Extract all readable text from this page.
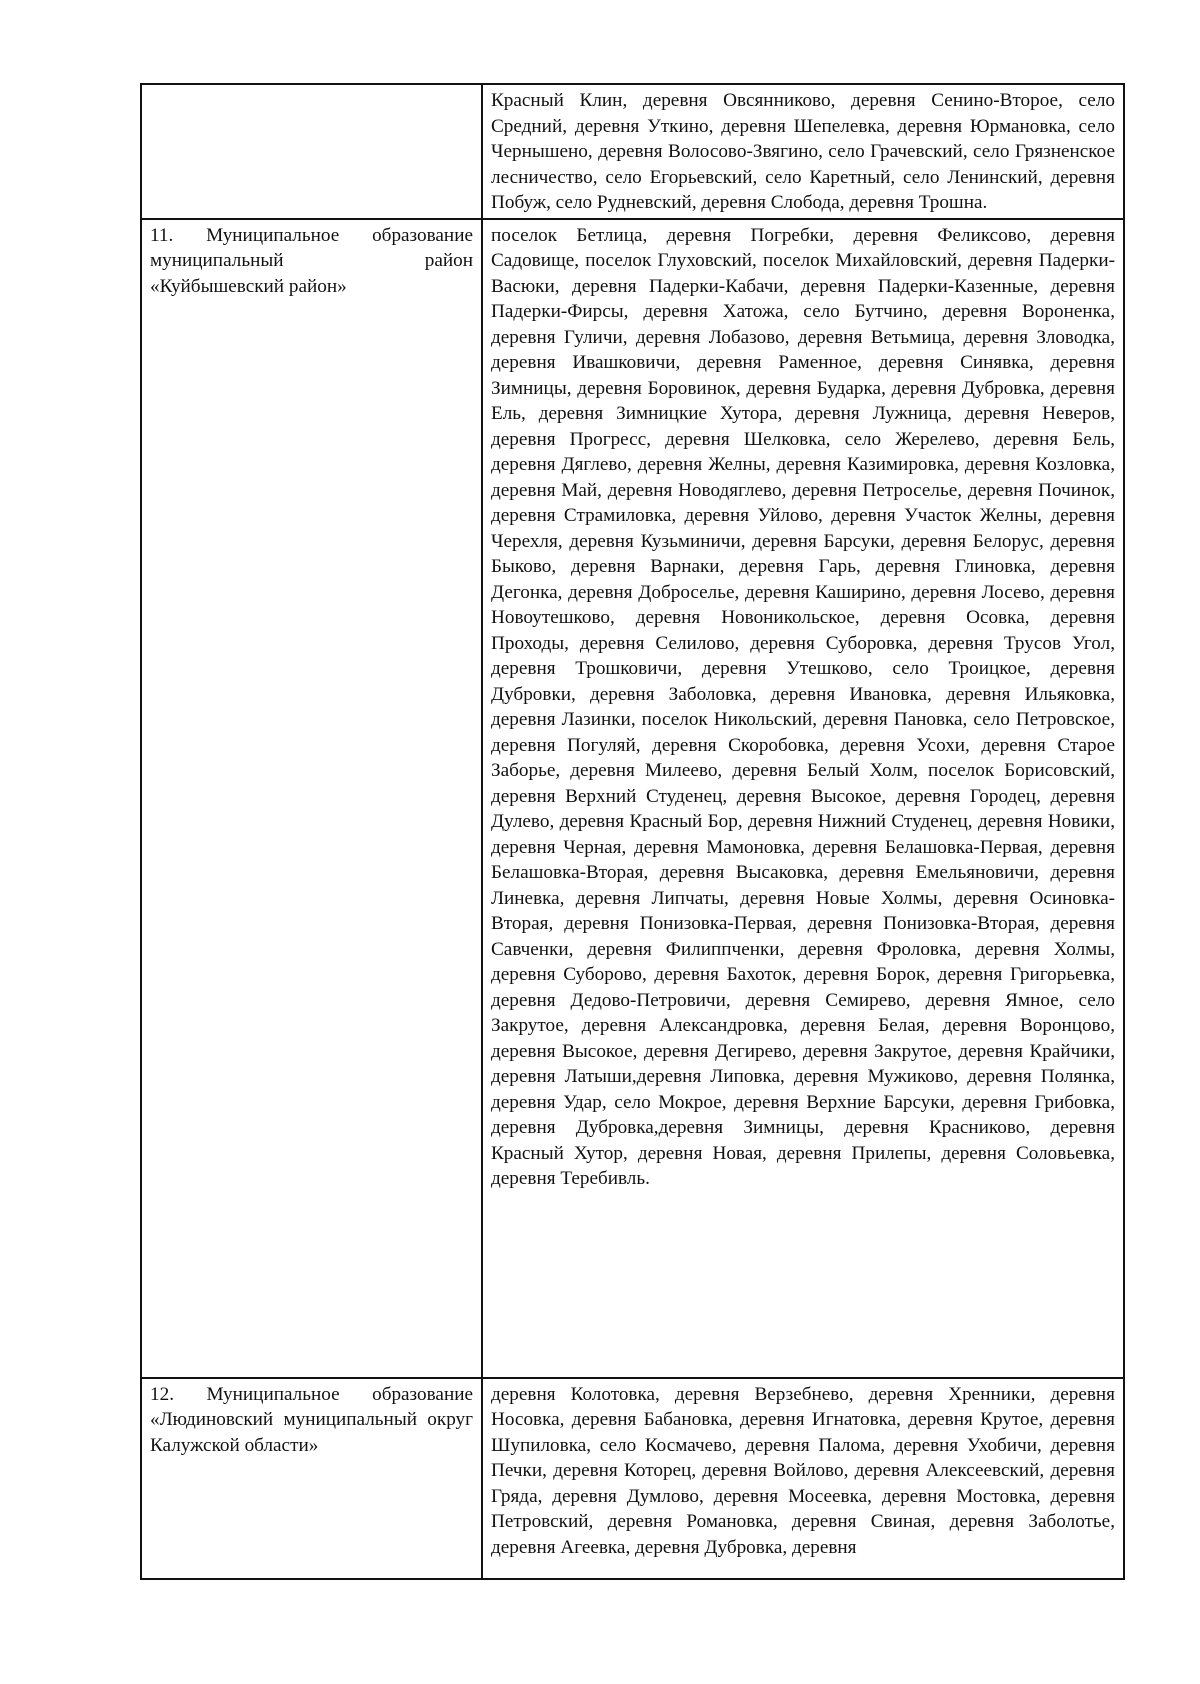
	Красный Клин, деревня Овсянниково, деревня Сенино-Второе, село Средний, деревня Уткино, деревня Шепелевка, деревня Юрмановка, село Чернышено, деревня Волосово-Звягино, село Грачевский, село Грязненское лесничество, село Егорьевский, село Каретный, село Ленинский, деревня Побуж, село Рудневский, деревня Слобода, деревня Трошна.

11. Муниципальное образование муниципальный район «Куйбышевский район»	поселок Бетлица, деревня Погребки, деревня Феликсово, деревня Садовище, поселок Глуховский, поселок Михайловский, деревня Падерки-Васюки, деревня Падерки-Кабачи, деревня Падерки-Казенные, деревня Падерки-Фирсы, деревня Хатожа, село Бутчино, деревня Вороненка, деревня Гуличи, деревня Лобазово, деревня Ветьмица, деревня Зловодка, деревня Ивашковичи, деревня Раменное, деревня Синявка, деревня Зимницы, деревня Боровинок, деревня Бударка, деревня Дубровка, деревня Ель, деревня Зимницкие Хутора, деревня Лужница, деревня Неверов, деревня Прогресс, деревня Шелковка, село Жерелево, деревня Бель, деревня Дяглево, деревня Желны, деревня Казимировка, деревня Козловка, деревня Май, деревня Новодяглево, деревня Петроселье, деревня Починок, деревня Страмиловка, деревня Уйлово, деревня Участок Желны, деревня Черехля, деревня Кузьминичи, деревня Барсуки, деревня Белорус, деревня Быково, деревня Варнаки, деревня Гарь, деревня Глиновка, деревня Дегонка, деревня Доброселье, деревня Каширино, деревня Лосево, деревня Новоутешково, деревня Новоникольское, деревня Осовка, деревня Проходы, деревня Селилово, деревня Суборовка, деревня Трусов Угол, деревня Трошковичи, деревня Утешково, село Троицкое, деревня Дубровки, деревня Заболовка, деревня Ивановка, деревня Ильяковка, деревня Лазинки, поселок Никольский, деревня Пановка, село Петровское, деревня Погуляй, деревня Скоробовка, деревня Усохи, деревня Старое Заборье, деревня Милеево, деревня Белый Холм, поселок Борисовский, деревня Верхний Студенец, деревня Высокое, деревня Городец, деревня Дулево, деревня Красный Бор, деревня Нижний Студенец, деревня Новики, деревня Черная, деревня Мамоновка, деревня Белашовка-Первая, деревня Белашовка-Вторая, деревня Высаковка, деревня Емельяновичи, деревня Линевка, деревня Липчаты, деревня Новые Холмы, деревня Осиновка-Вторая, деревня Понизовка-Первая, деревня Понизовка-Вторая, деревня Савченки, деревня Филиппченки, деревня Фроловка, деревня Холмы, деревня Суборово, деревня Бахоток, деревня Борок, деревня Григорьевка, деревня Дедово-Петровичи, деревня Семирево, деревня Ямное, село Закрутое, деревня Александровка, деревня Белая, деревня Воронцово, деревня Высокое, деревня Дегирево, деревня Закрутое, деревня Крайчики, деревня Латыши,деревня Липовка, деревня Мужиково, деревня Полянка, деревня Удар, село Мокрое, деревня Верхние Барсуки, деревня Грибовка, деревня Дубровка,деревня Зимницы, деревня Красниково, деревня Красный Хутор, деревня Новая, деревня Прилепы, деревня Соловьевка, деревня Теребивль.

12. Муниципальное образование «Людиновский муниципальный округ Калужской области»	деревня Колотовка, деревня Верзебнево, деревня Хренники, деревня Носовка, деревня Бабановка, деревня Игнатовка, деревня Крутое, деревня Шупиловка, село Космачево, деревня Палома, деревня Ухобичи, деревня Печки, деревня Которец, деревня Войлово, деревня Алексеевский, деревня Гряда, деревня Думлово, деревня Мосеевка, деревня Мостовка, деревня Петровский, деревня Романовка, деревня Свиная, деревня Заболотье, деревня Агеевка, деревня Дубровка, деревня
